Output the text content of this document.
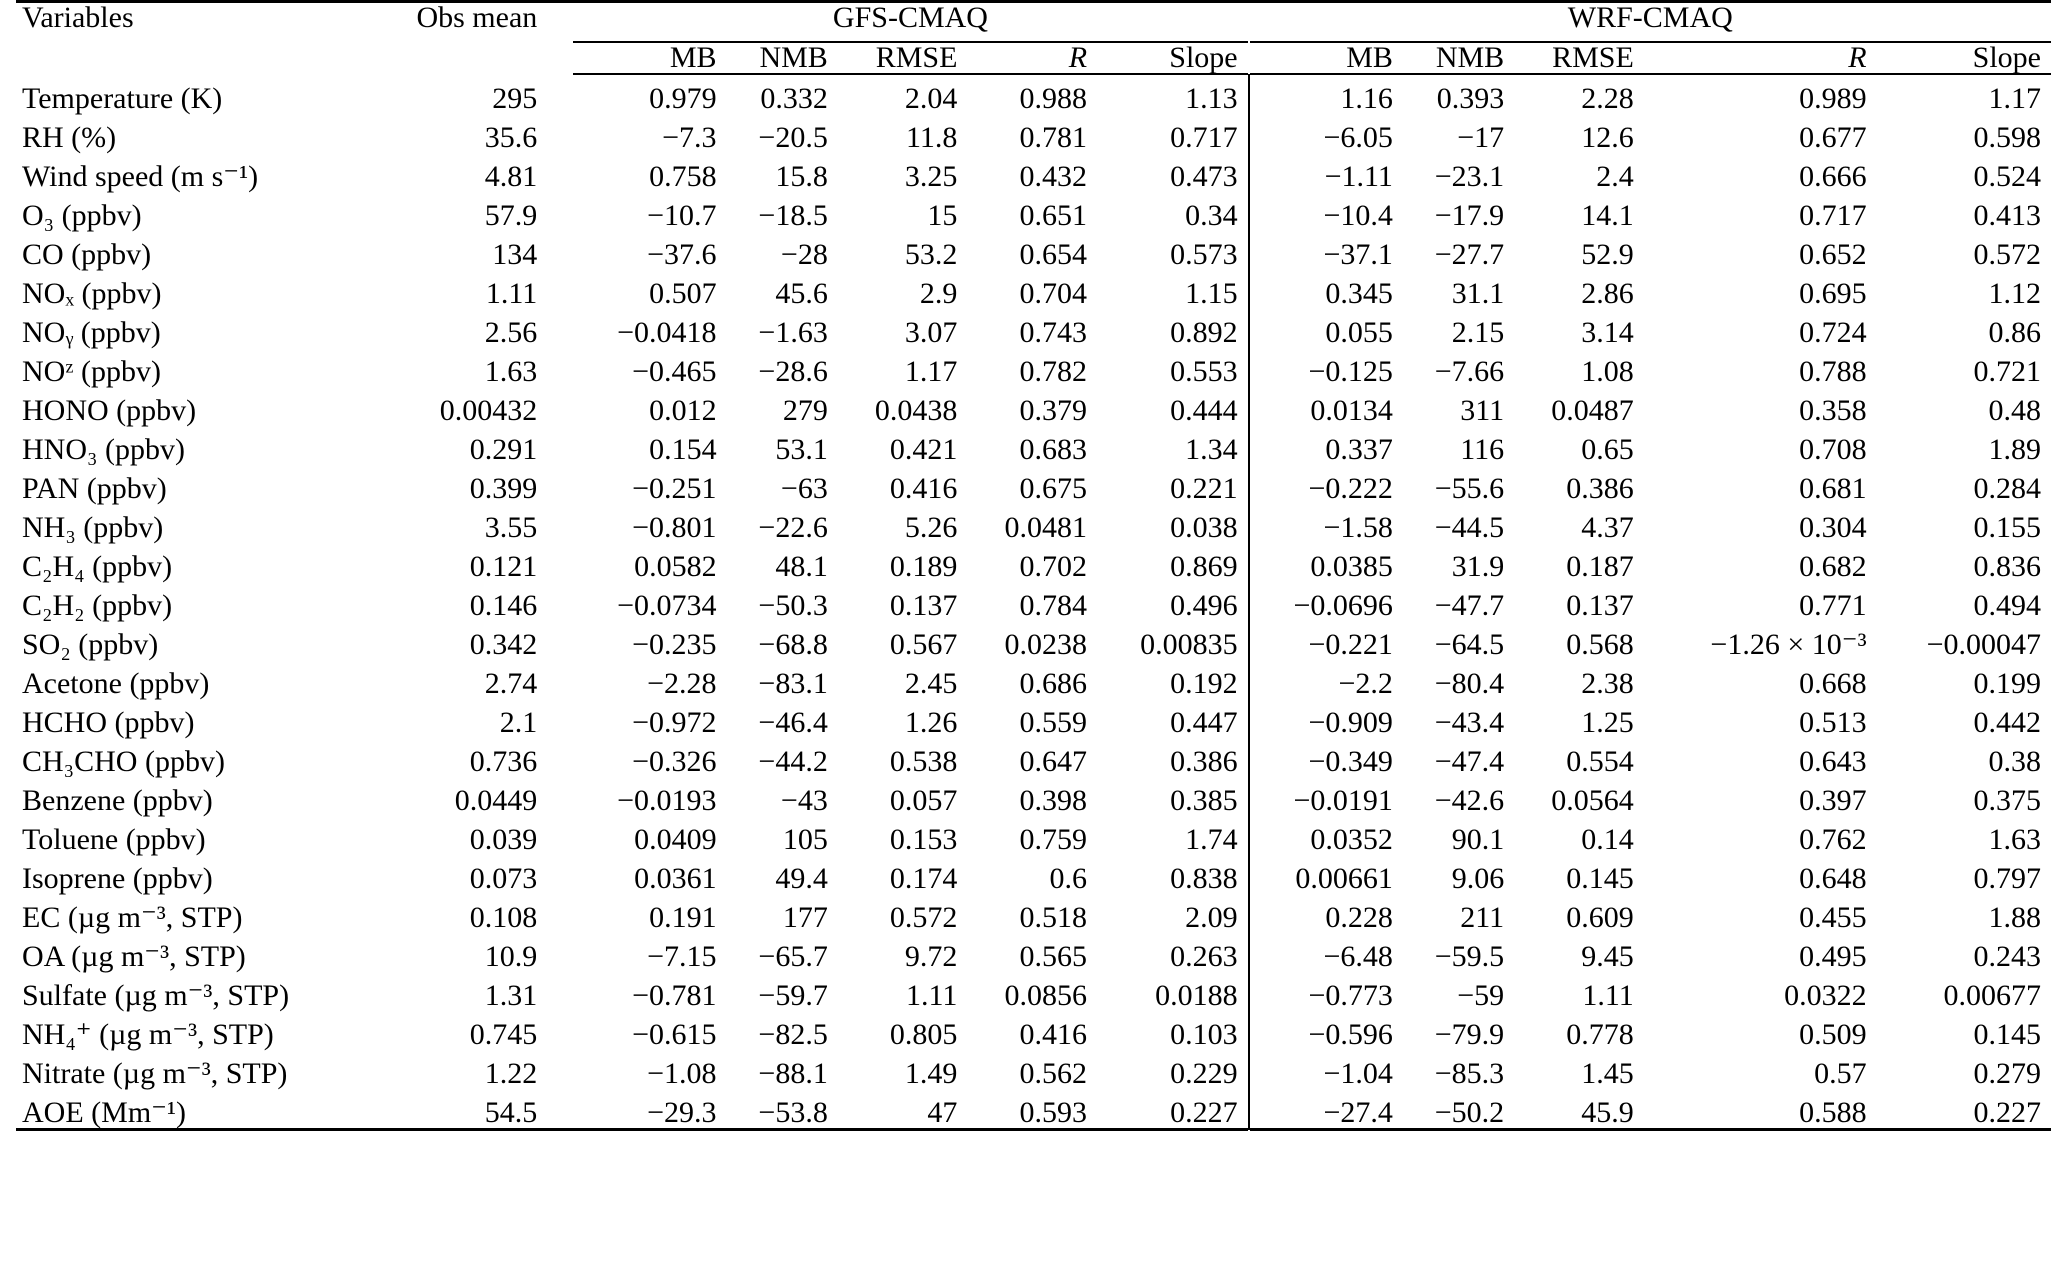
Variables	Obs mean		GFS-CMAQ						WRF-CMAQ				
			MB	NMB	RMSE	R	Slope		MB	NMB	RMSE	R	Slope
Temperature (K)	295		0.979	0.332	2.04	0.988	1.13		1.16	0.393	2.28	0.989	1.17
RH (%)	35.6		−7.3	−20.5	11.8	0.781	0.717		−6.05	−17	12.6	0.677	0.598
Wind speed (m s⁻¹)	4.81		0.758	15.8	3.25	0.432	0.473		−1.11	−23.1	2.4	0.666	0.524
O₃ (ppbv)	57.9		−10.7	−18.5	15	0.651	0.34		−10.4	−17.9	14.1	0.717	0.413
CO (ppbv)	134		−37.6	−28	53.2	0.654	0.573		−37.1	−27.7	52.9	0.652	0.572
NOₓ (ppbv)	1.11		0.507	45.6	2.9	0.704	1.15		0.345	31.1	2.86	0.695	1.12
NOᵧ (ppbv)	2.56		−0.0418	−1.63	3.07	0.743	0.892		0.055	2.15	3.14	0.724	0.86
NOᶻ (ppbv)	1.63		−0.465	−28.6	1.17	0.782	0.553		−0.125	−7.66	1.08	0.788	0.721
HONO (ppbv)	0.00432		0.012	279	0.0438	0.379	0.444		0.0134	311	0.0487	0.358	0.48
HNO₃ (ppbv)	0.291		0.154	53.1	0.421	0.683	1.34		0.337	116	0.65	0.708	1.89
PAN (ppbv)	0.399		−0.251	−63	0.416	0.675	0.221		−0.222	−55.6	0.386	0.681	0.284
NH₃ (ppbv)	3.55		−0.801	−22.6	5.26	0.0481	0.038		−1.58	−44.5	4.37	0.304	0.155
C₂H₄ (ppbv)	0.121		0.0582	48.1	0.189	0.702	0.869		0.0385	31.9	0.187	0.682	0.836
C₂H₂ (ppbv)	0.146		−0.0734	−50.3	0.137	0.784	0.496		−0.0696	−47.7	0.137	0.771	0.494
SO₂ (ppbv)	0.342		−0.235	−68.8	0.567	0.0238	0.00835		−0.221	−64.5	0.568	−1.26 × 10⁻³	−0.00047
Acetone (ppbv)	2.74		−2.28	−83.1	2.45	0.686	0.192		−2.2	−80.4	2.38	0.668	0.199
HCHO (ppbv)	2.1		−0.972	−46.4	1.26	0.559	0.447		−0.909	−43.4	1.25	0.513	0.442
CH₃CHO (ppbv)	0.736		−0.326	−44.2	0.538	0.647	0.386		−0.349	−47.4	0.554	0.643	0.38
Benzene (ppbv)	0.0449		−0.0193	−43	0.057	0.398	0.385		−0.0191	−42.6	0.0564	0.397	0.375
Toluene (ppbv)	0.039		0.0409	105	0.153	0.759	1.74		0.0352	90.1	0.14	0.762	1.63
Isoprene (ppbv)	0.073		0.0361	49.4	0.174	0.6	0.838		0.00661	9.06	0.145	0.648	0.797
EC (µg m⁻³, STP)	0.108		0.191	177	0.572	0.518	2.09		0.228	211	0.609	0.455	1.88
OA (µg m⁻³, STP)	10.9		−7.15	−65.7	9.72	0.565	0.263		−6.48	−59.5	9.45	0.495	0.243
Sulfate (µg m⁻³, STP)	1.31		−0.781	−59.7	1.11	0.0856	0.0188		−0.773	−59	1.11	0.0322	0.00677
NH₄⁺ (µg m⁻³, STP)	0.745		−0.615	−82.5	0.805	0.416	0.103		−0.596	−79.9	0.778	0.509	0.145
Nitrate (µg m⁻³, STP)	1.22		−1.08	−88.1	1.49	0.562	0.229		−1.04	−85.3	1.45	0.57	0.279
AOE (Mm⁻¹)	54.5		−29.3	−53.8	47	0.593	0.227		−27.4	−50.2	45.9	0.588	0.227
